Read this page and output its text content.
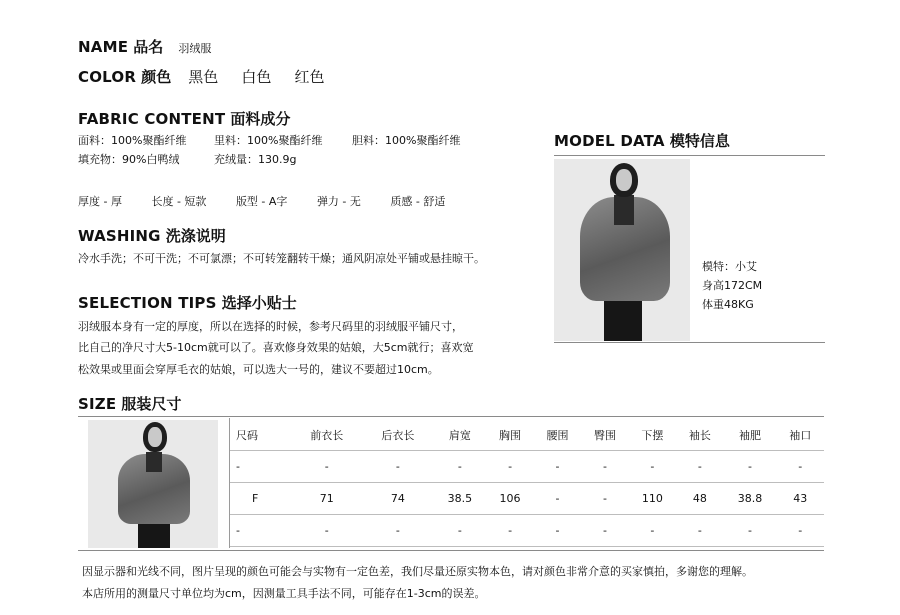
NAME 品名 羽绒服
COLOR 颜色 黑色 白色 红色
FABRIC CONTENT 面料成分
面料：100%聚酯纤维	里料：100%聚酯纤维	胆料：100%聚酯纤维
填充物：90%白鸭绒	充绒量：130.9g
厚度 - 厚	长度 - 短款	版型 - A字	弹力 - 无	质感 - 舒适
WASHING 洗涤说明
冷水手洗；不可干洗；不可氯漂；不可转笼翻转干燥；通风阴凉处平铺或悬挂晾干。
SELECTION TIPS 选择小贴士
羽绒服本身有一定的厚度，所以在选择的时候，参考尺码里的羽绒服平铺尺寸，
比自己的净尺寸大5-10cm就可以了。喜欢修身效果的姑娘，大5cm就行；喜欢宽
松效果或里面会穿厚毛衣的姑娘，可以选大一号的，建议不要超过10cm。
MODEL DATA 模特信息
模特：小艾
身高172CM
体重48KG
SIZE 服装尺寸
尺码	前衣长	后衣长	肩宽	胸围	腰围	臀围	下摆	袖长	袖肥	袖口
-	-	-	-	-	-	-	-	-	-	-
F	71	74	38.5	106	-	-	110	48	38.8	43
-	-	-	-	-	-	-	-	-	-	-
因显示器和光线不同，图片呈现的颜色可能会与实物有一定色差，我们尽量还原实物本色，请对颜色非常介意的买家慎拍，多谢您的理解。
本店所用的测量尺寸单位均为cm，因测量工具手法不同，可能存在1-3cm的误差。
